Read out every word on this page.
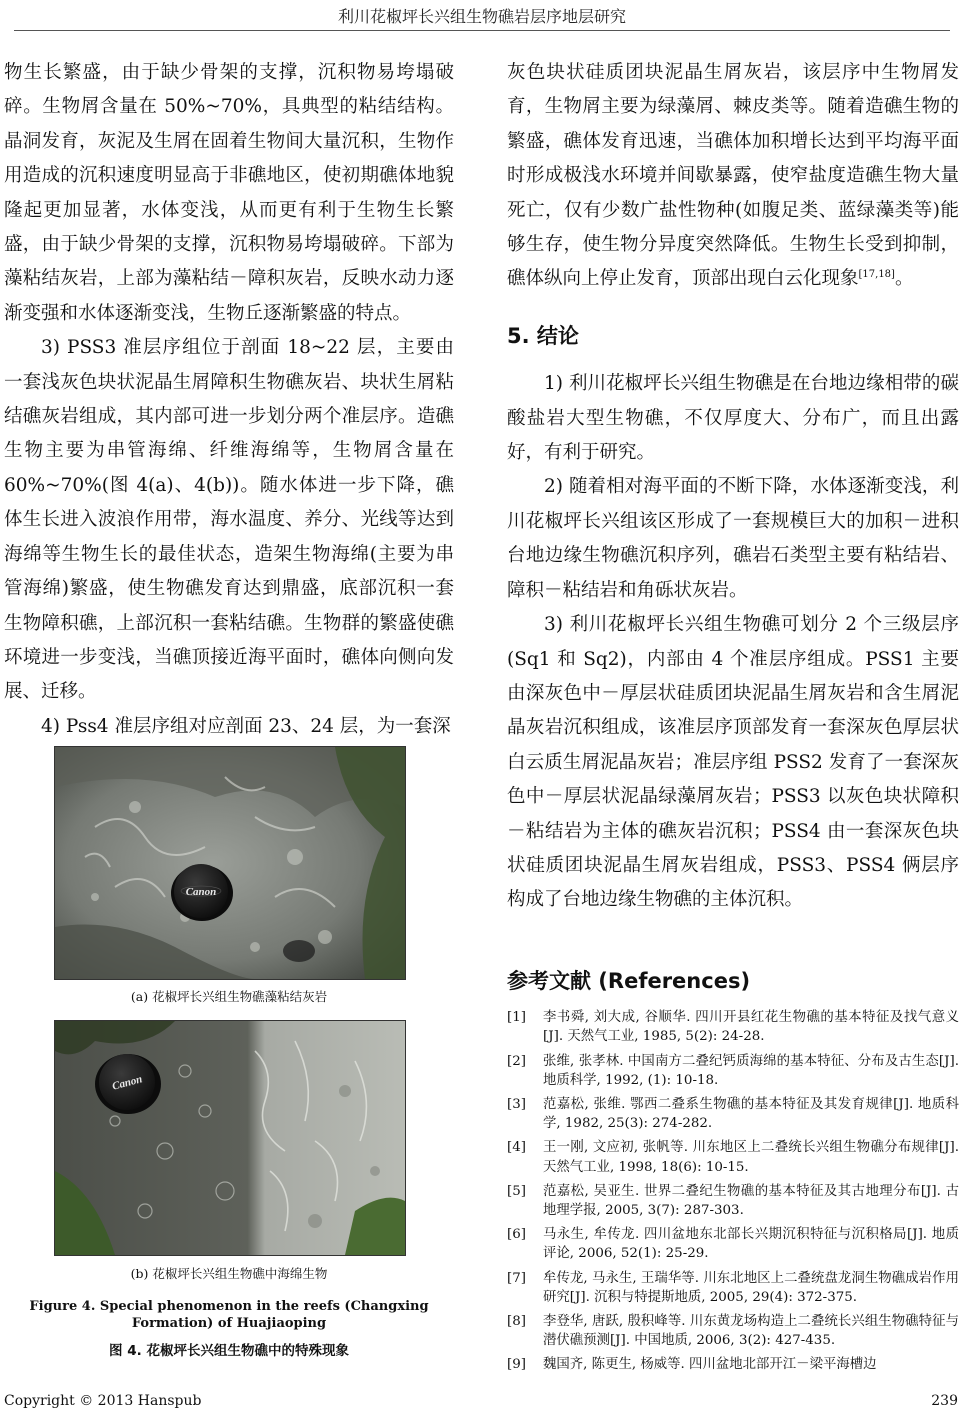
利川花椒坪长兴组生物礁岩层序地层研究

物生长繁盛，由于缺少骨架的支撑，沉积物易垮塌破碎。生物屑含量在 50%~70%，具典型的粘结结构。晶洞发育，灰泥及生屑在固着生物间大量沉积，生物作用造成的沉积速度明显高于非礁地区，使初期礁体地貌隆起更加显著，水体变浅，从而更有利于生物生长繁盛，由于缺少骨架的支撑，沉积物易垮塌破碎。下部为藻粘结灰岩，上部为藻粘结－障积灰岩，反映水动力逐渐变强和水体逐渐变浅，生物丘逐渐繁盛的特点。

3) PSS3 准层序组位于剖面 18~22 层，主要由一套浅灰色块状泥晶生屑障积生物礁灰岩、块状生屑粘结礁灰岩组成，其内部可进一步划分两个准层序。造礁生物主要为串管海绵、纤维海绵等，生物屑含量在 60%~70%(图 4(a)、4(b))。随水体进一步下降，礁体生长进入波浪作用带，海水温度、养分、光线等达到海绵等生物生长的最佳状态，造架生物海绵(主要为串管海绵)繁盛，使生物礁发育达到鼎盛，底部沉积一套生物障积礁，上部沉积一套粘结礁。生物群的繁盛使礁环境进一步变浅，当礁顶接近海平面时，礁体向侧向发展、迁移。

4) Pss4 准层序组对应剖面 23、24 层，为一套深

Canon
(a) 花椒坪长兴组生物礁藻粘结灰岩
Canon
(b) 花椒坪长兴组生物礁中海绵生物
Figure 4. Special phenomenon in the reefs (Changxing Formation) of Huajiaoping
图 4. 花椒坪长兴组生物礁中的特殊现象

灰色块状硅质团块泥晶生屑灰岩，该层序中生物屑发育，生物屑主要为绿藻屑、棘皮类等。随着造礁生物的繁盛，礁体发育迅速，当礁体加积增长达到平均海平面时形成极浅水环境并间歇暴露，使窄盐度造礁生物大量死亡，仅有少数广盐性物种(如腹足类、蓝绿藻类等)能够生存，使生物分异度突然降低。生物生长受到抑制，礁体纵向上停止发育，顶部出现白云化现象[17,18]。

5. 结论

1) 利川花椒坪长兴组生物礁是在台地边缘相带的碳酸盐岩大型生物礁，不仅厚度大、分布广，而且出露好，有利于研究。

2) 随着相对海平面的不断下降，水体逐渐变浅，利川花椒坪长兴组该区形成了一套规模巨大的加积－进积台地边缘生物礁沉积序列，礁岩石类型主要有粘结岩、障积－粘结岩和角砾状灰岩。

3) 利川花椒坪长兴组生物礁可划分 2 个三级层序(Sq1 和 Sq2)，内部由 4 个准层序组成。PSS1 主要由深灰色中－厚层状硅质团块泥晶生屑灰岩和含生屑泥晶灰岩沉积组成，该准层序顶部发育一套深灰色厚层状白云质生屑泥晶灰岩；准层序组 PSS2 发育了一套深灰色中－厚层状泥晶绿藻屑灰岩；PSS3 以灰色块状障积－粘结岩为主体的礁灰岩沉积；PSS4 由一套深灰色块状硅质团块泥晶生屑灰岩组成，PSS3、PSS4 俩层序构成了台地边缘生物礁的主体沉积。

参考文献 (References)
[1]	李书舜, 刘大成, 谷顺华. 四川开县红花生物礁的基本特征及找气意义[J]. 天然气工业, 1985, 5(2): 24-28.
[2]	张维, 张孝林. 中国南方二叠纪钙质海绵的基本特征、分布及古生态[J]. 地质科学, 1992, (1): 10-18.
[3]	范嘉松, 张维. 鄂西二叠系生物礁的基本特征及其发育规律[J]. 地质科学, 1982, 25(3): 274-282.
[4]	王一刚, 文应初, 张帆等. 川东地区上二叠统长兴组生物礁分布规律[J]. 天然气工业, 1998, 18(6): 10-15.
[5]	范嘉松, 吴亚生. 世界二叠纪生物礁的基本特征及其古地理分布[J]. 古地理学报, 2005, 3(7): 287-303.
[6]	马永生, 牟传龙. 四川盆地东北部长兴期沉积特征与沉积格局[J]. 地质评论, 2006, 52(1): 25-29.
[7]	牟传龙, 马永生, 王瑞华等. 川东北地区上二叠统盘龙洞生物礁成岩作用研究[J]. 沉积与特提斯地质, 2005, 29(4): 372-375.
[8]	李登华, 唐跃, 殷积峰等. 川东黄龙场构造上二叠统长兴组生物礁特征与潜伏礁预测[J]. 中国地质, 2006, 3(2): 427-435.
[9]	魏国齐, 陈更生, 杨威等. 四川盆地北部开江－梁平海槽边
Copyright © 2013 Hanspub	239
